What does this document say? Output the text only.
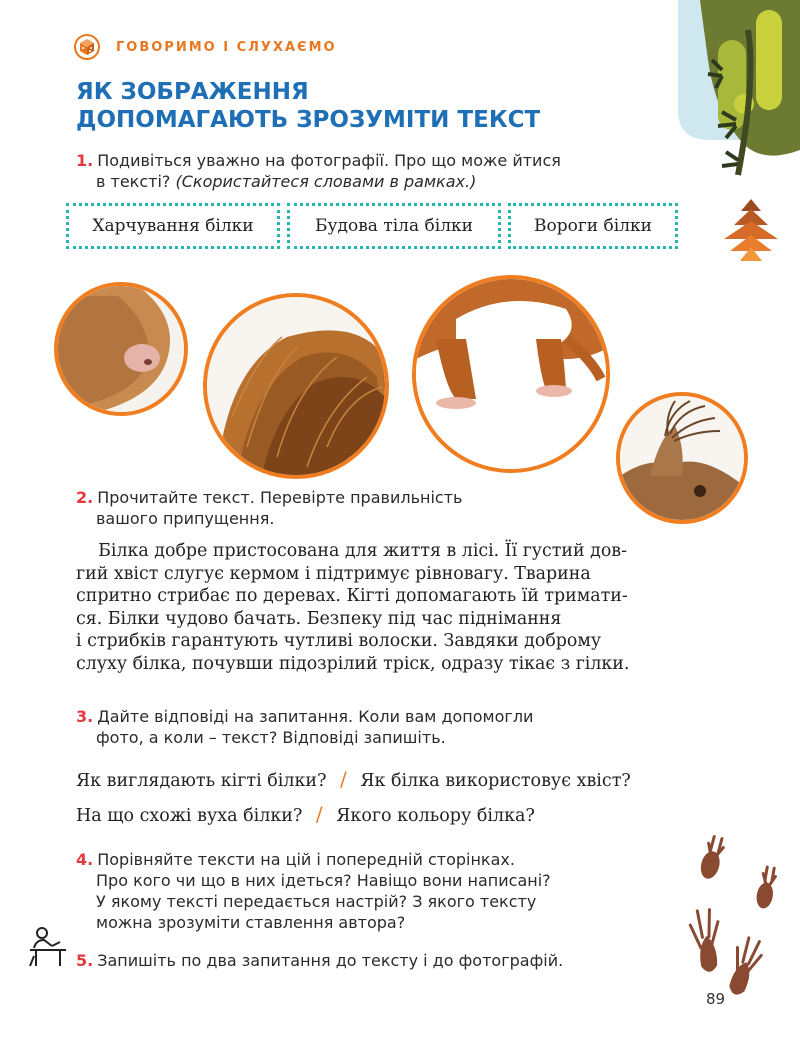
ГОВОРИМО І СЛУХАЄМО
ЯК ЗОБРАЖЕННЯ
ДОПОМАГАЮТЬ ЗРОЗУМІТИ ТЕКСТ
1. Подивіться уважно на фотографії. Про що може йтися
в тексті? (Скористайтеся словами в рамках.)
Харчування білки	Будова тіла білки	Вороги білки
2. Прочитайте текст. Перевірте правильність
вашого припущення.
Білка добре пристосована для життя в лісі. Її густий дов-
гий хвіст слугує кермом і підтримує рівновагу. Тварина
спритно стрибає по деревах. Кігті допомагають їй тримати-
ся. Білки чудово бачать. Безпеку під час піднімання
і стрибків гарантують чутливі волоски. Завдяки доброму
слуху білка, почувши підозрілий тріск, одразу тікає з гілки.
3. Дайте відповіді на запитання. Коли вам допомогли
фото, а коли – текст? Відповіді запишіть.
Як виглядають кігті білки? / Як білка використовує хвіст?
На що схожі вуха білки? / Якого кольору білка?
4. Порівняйте тексти на цій і попередній сторінках.
Про кого чи що в них ідеться? Навіщо вони написані?
У якому тексті передається настрій? З якого тексту
можна зрозуміти ставлення автора?
5. Запишіть по два запитання до тексту і до фотографій.
89
